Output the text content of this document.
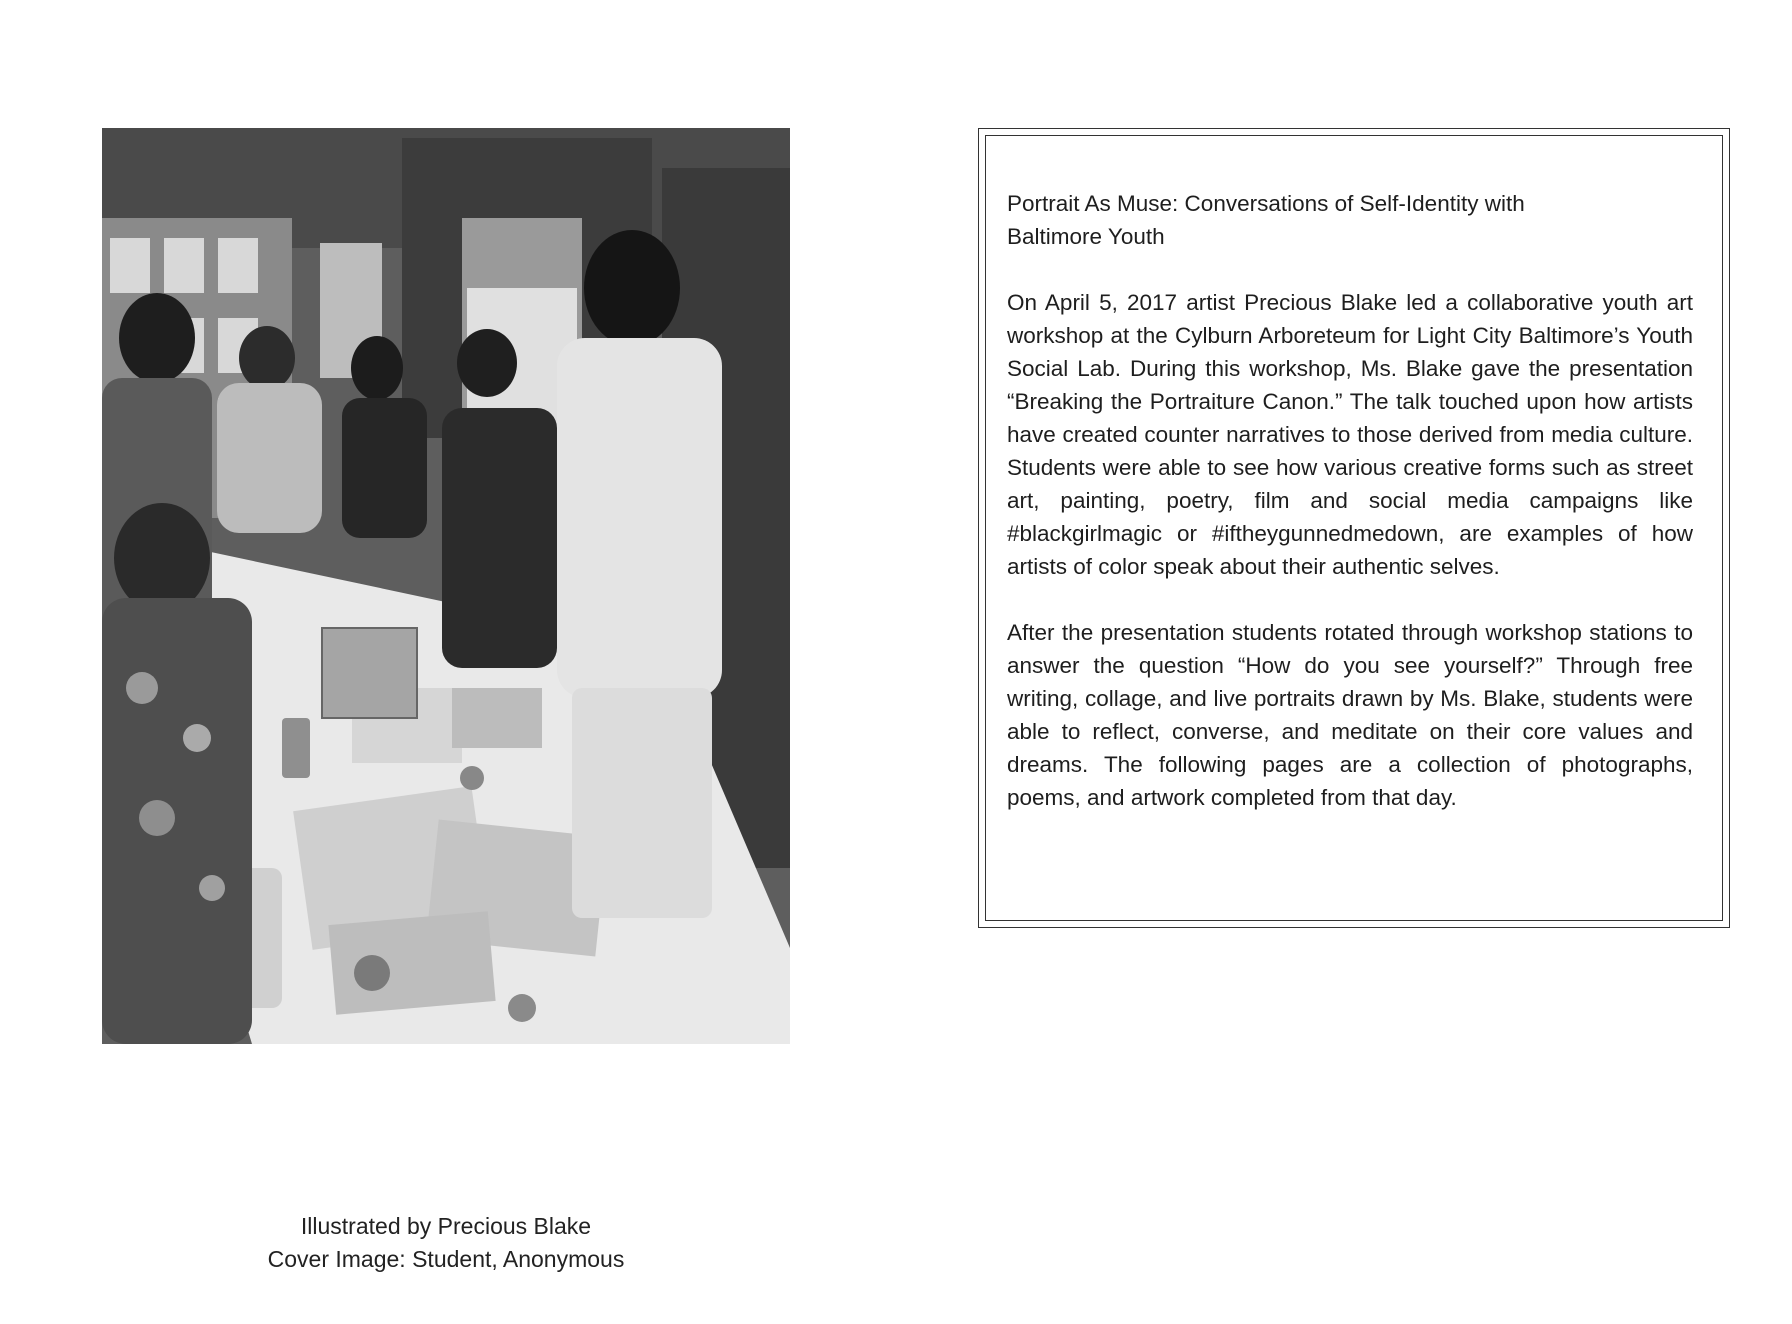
Illustrated by Precious Blake
Cover Image: Student, Anonymous
Portrait As Muse: Conversations of Self-Identity with
Baltimore Youth

On April 5, 2017 artist Precious Blake led a collaborative youth art workshop at the Cylburn Arboreteum for Light City Baltimore’s Youth Social Lab. During this workshop, Ms. Blake gave the presentation “Breaking the Portraiture Canon.” The talk touched upon how artists have created counter narratives to those derived from media culture. Students were able to see how various creative forms such as street art, painting, poetry, film and social media campaigns like #blackgirlmagic or #iftheygunnedmedown, are examples of how artists of color speak about their authentic selves.

After the presentation students rotated through workshop stations to answer the question “How do you see yourself?” Through free writing, collage, and live portraits drawn by Ms. Blake, students were able to reflect, converse, and meditate on their core values and dreams. The following pages are a collection of photographs, poems, and artwork completed from that day.
